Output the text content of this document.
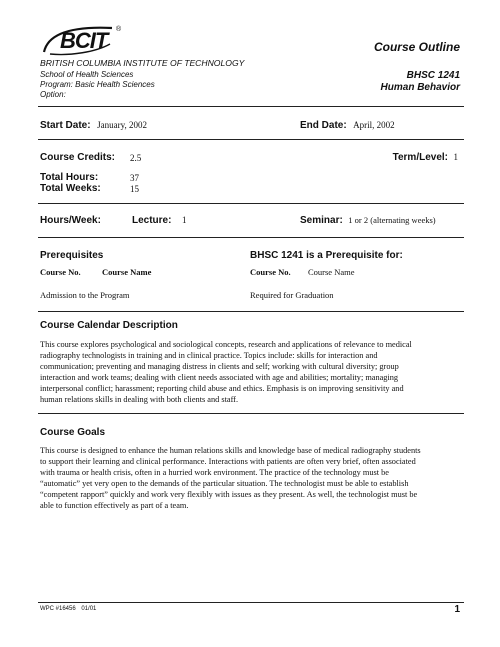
BCIT ®
BRITISH COLUMBIA INSTITUTE OF TECHNOLOGY
School of Health Sciences
Program: Basic Health Sciences
Option:
Course Outline
BHSC 1241
Human Behavior
Start Date: January, 2002	End Date: April, 2002
Course Credits: 2.5	Term/Level: 1
Total Hours:	37
Total Weeks:	15
Hours/Week:	Lecture: 1	Seminar: 1 or 2 (alternating weeks)
Prerequisites
Course No.	Course Name
Admission to the Program
BHSC 1241 is a Prerequisite for:
Course No. Course Name
Required for Graduation
Course Calendar Description
This course explores psychological and sociological concepts, research and applications of relevance to medical
radiography technologists in training and in clinical practice. Topics include: skills for interaction and
communication; preventing and managing distress in clients and self; working with cultural diversity; group
interaction and work teams; dealing with client needs associated with age and abilities; mortality; managing
interpersonal conflict; harassment; reporting child abuse and ethics. Emphasis is on improving sensitivity and
human relations skills in dealing with both clients and staff.
Course Goals
This course is designed to enhance the human relations skills and knowledge base of medical radiography students
to support their learning and clinical performance. Interactions with patients are often very brief, often associated
with trauma or health crisis, often in a hurried work environment. The practice of the technology must be
“automatic” yet very open to the demands of the particular situation. The technologist must be able to establish
“competent rapport” quickly and work very flexibly with issues as they present. As well, the technologist must be
able to function effectively as part of a team.
WPC #16456 01/01	1
